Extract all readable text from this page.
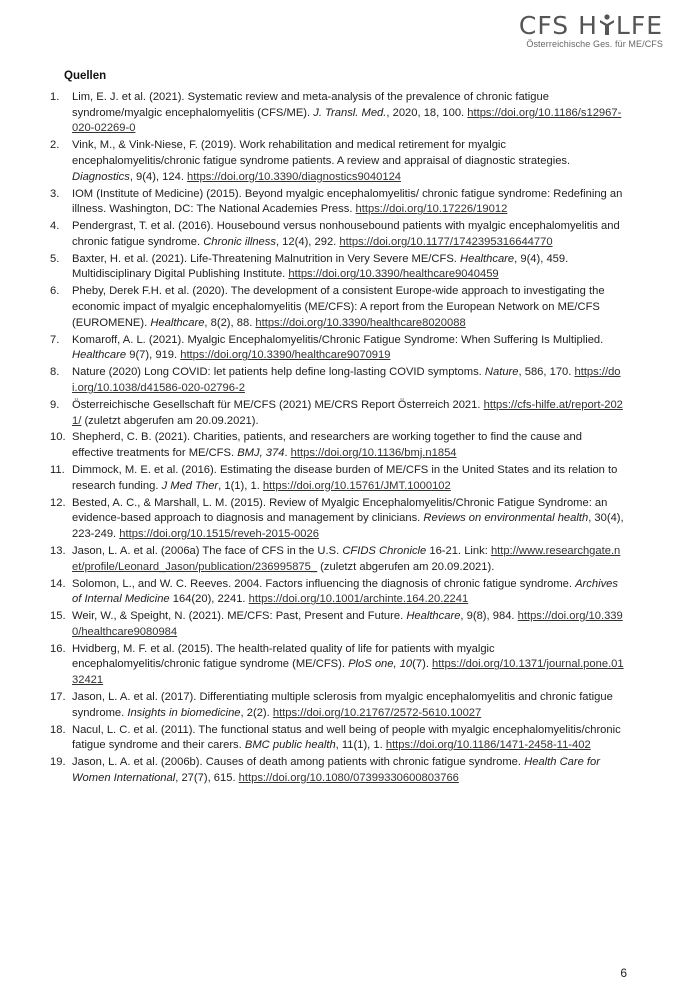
CFS H LFE
Österreichische Ges. für ME/CFS
Quellen
1. Lim, E. J. et al. (2021). Systematic review and meta-analysis of the prevalence of chronic fatigue syndrome/myalgic encephalomyelitis (CFS/ME). J. Transl. Med., 2020, 18, 100. https://doi.org/10.1186/s12967-020-02269-0
2. Vink, M., & Vink-Niese, F. (2019). Work rehabilitation and medical retirement for myalgic encephalomyelitis/chronic fatigue syndrome patients. A review and appraisal of diagnostic strategies. Diagnostics, 9(4), 124. https://doi.org/10.3390/diagnostics9040124
3. IOM (Institute of Medicine) (2015). Beyond myalgic encephalomyelitis/ chronic fatigue syndrome: Redefining an illness. Washington, DC: The National Academies Press. https://doi.org/10.17226/19012
4. Pendergrast, T. et al. (2016). Housebound versus nonhousebound patients with myalgic encephalomyelitis and chronic fatigue syndrome. Chronic illness, 12(4), 292. https://doi.org/10.1177/1742395316644770
5. Baxter, H. et al. (2021). Life-Threatening Malnutrition in Very Severe ME/CFS. Healthcare, 9(4), 459. Multidisciplinary Digital Publishing Institute. https://doi.org/10.3390/healthcare9040459
6. Pheby, Derek F.H. et al. (2020). The development of a consistent Europe-wide approach to investigating the economic impact of myalgic encephalomyelitis (ME/CFS): A report from the European Network on ME/CFS (EUROMENE). Healthcare, 8(2), 88. https://doi.org/10.3390/healthcare8020088
7. Komaroff, A. L. (2021). Myalgic Encephalomyelitis/Chronic Fatigue Syndrome: When Suffering Is Multiplied. Healthcare 9(7), 919. https://doi.org/10.3390/healthcare9070919
8. Nature (2020) Long COVID: let patients help define long-lasting COVID symptoms. Nature, 586, 170. https://doi.org/10.1038/d41586-020-02796-2
9. Österreichische Gesellschaft für ME/CFS (2021) ME/CRS Report Österreich 2021. https://cfs-hilfe.at/report-2021/ (zuletzt abgerufen am 20.09.2021).
10. Shepherd, C. B. (2021). Charities, patients, and researchers are working together to find the cause and effective treatments for ME/CFS. BMJ, 374. https://doi.org/10.1136/bmj.n1854
11. Dimmock, M. E. et al. (2016). Estimating the disease burden of ME/CFS in the United States and its relation to research funding. J Med Ther, 1(1), 1. https://doi.org/10.15761/JMT.1000102
12. Bested, A. C., & Marshall, L. M. (2015). Review of Myalgic Encephalomyelitis/Chronic Fatigue Syndrome: an evidence-based approach to diagnosis and management by clinicians. Reviews on environmental health, 30(4), 223-249. https://doi.org/10.1515/reveh-2015-0026
13. Jason, L. A. et al. (2006a) The face of CFS in the U.S. CFIDS Chronicle 16-21. Link: http://www.researchgate.net/profile/Leonard_Jason/publication/236995875_ (zuletzt abgerufen am 20.09.2021).
14. Solomon, L., and W. C. Reeves. 2004. Factors influencing the diagnosis of chronic fatigue syndrome. Archives of Internal Medicine 164(20), 2241. https://doi.org/10.1001/archinte.164.20.2241
15. Weir, W., & Speight, N. (2021). ME/CFS: Past, Present and Future. Healthcare, 9(8), 984. https://doi.org/10.3390/healthcare9080984
16. Hvidberg, M. F. et al. (2015). The health-related quality of life for patients with myalgic encephalomyelitis/chronic fatigue syndrome (ME/CFS). PloS one, 10(7). https://doi.org/10.1371/journal.pone.0132421
17. Jason, L. A. et al. (2017). Differentiating multiple sclerosis from myalgic encephalomyelitis and chronic fatigue syndrome. Insights in biomedicine, 2(2). https://doi.org/10.21767/2572-5610.10027
18. Nacul, L. C. et al. (2011). The functional status and well being of people with myalgic encephalomyelitis/chronic fatigue syndrome and their carers. BMC public health, 11(1), 1. https://doi.org/10.1186/1471-2458-11-402
19. Jason, L. A. et al. (2006b). Causes of death among patients with chronic fatigue syndrome. Health Care for Women International, 27(7), 615. https://doi.org/10.1080/07399330600803766
6
